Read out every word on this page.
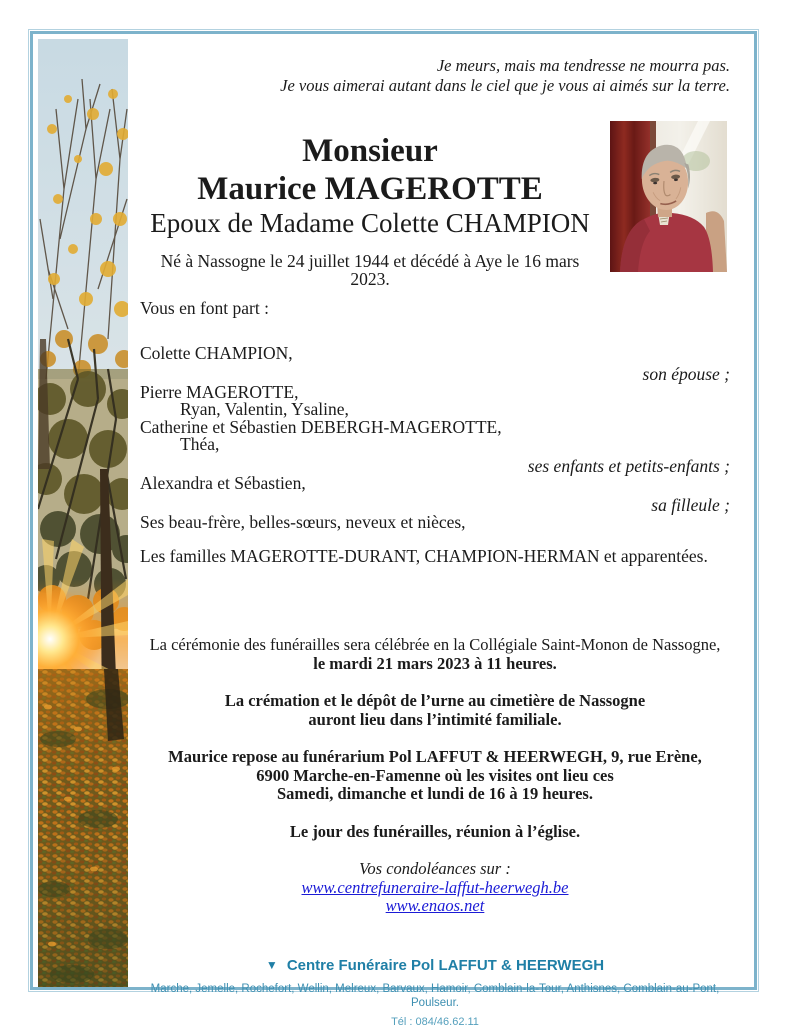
Je meurs, mais ma tendresse ne mourra pas.
Je vous aimerai autant dans le ciel que je vous ai aimés sur la terre.
Monsieur
Maurice MAGEROTTE
Epoux de Madame Colette CHAMPION
Né à Nassogne le 24 juillet 1944 et décédé à Aye le 16 mars 2023.

Vous en font part :

Colette CHAMPION,

son épouse ;

Pierre MAGEROTTE,

Ryan, Valentin, Ysaline,

Catherine et Sébastien DEBERGH-MAGEROTTE,

Théa,

ses enfants et petits-enfants ;

Alexandra et Sébastien,

sa filleule ;

Ses beau-frère, belles-sœurs, neveux et nièces,

Les familles MAGEROTTE-DURANT, CHAMPION-HERMAN et apparentées.

La cérémonie des funérailles sera célébrée en la Collégiale Saint-Monon de Nassogne,

le mardi 21 mars 2023 à 11 heures.

La crémation et le dépôt de l’urne au cimetière de Nassogne

auront lieu dans l’intimité familiale.

Maurice repose au funérarium Pol LAFFUT & HEERWEGH, 9, rue Erène,

6900 Marche-en-Famenne où les visites ont lieu ces

Samedi, dimanche et lundi de 16 à 19 heures.

Le jour des funérailles, réunion à l’église.

Vos condoléances sur :

www.centrefuneraire-laffut-heerwegh.be

www.enaos.net

▼ Centre Funéraire Pol LAFFUT & HEERWEGH
Marche, Jemelle, Rochefort, Wellin, Melreux, Barvaux, Hamoir, Comblain-la-Tour, Anthisnes, Comblain-au-Pont, Poulseur.
Tél : 084/46.62.11
